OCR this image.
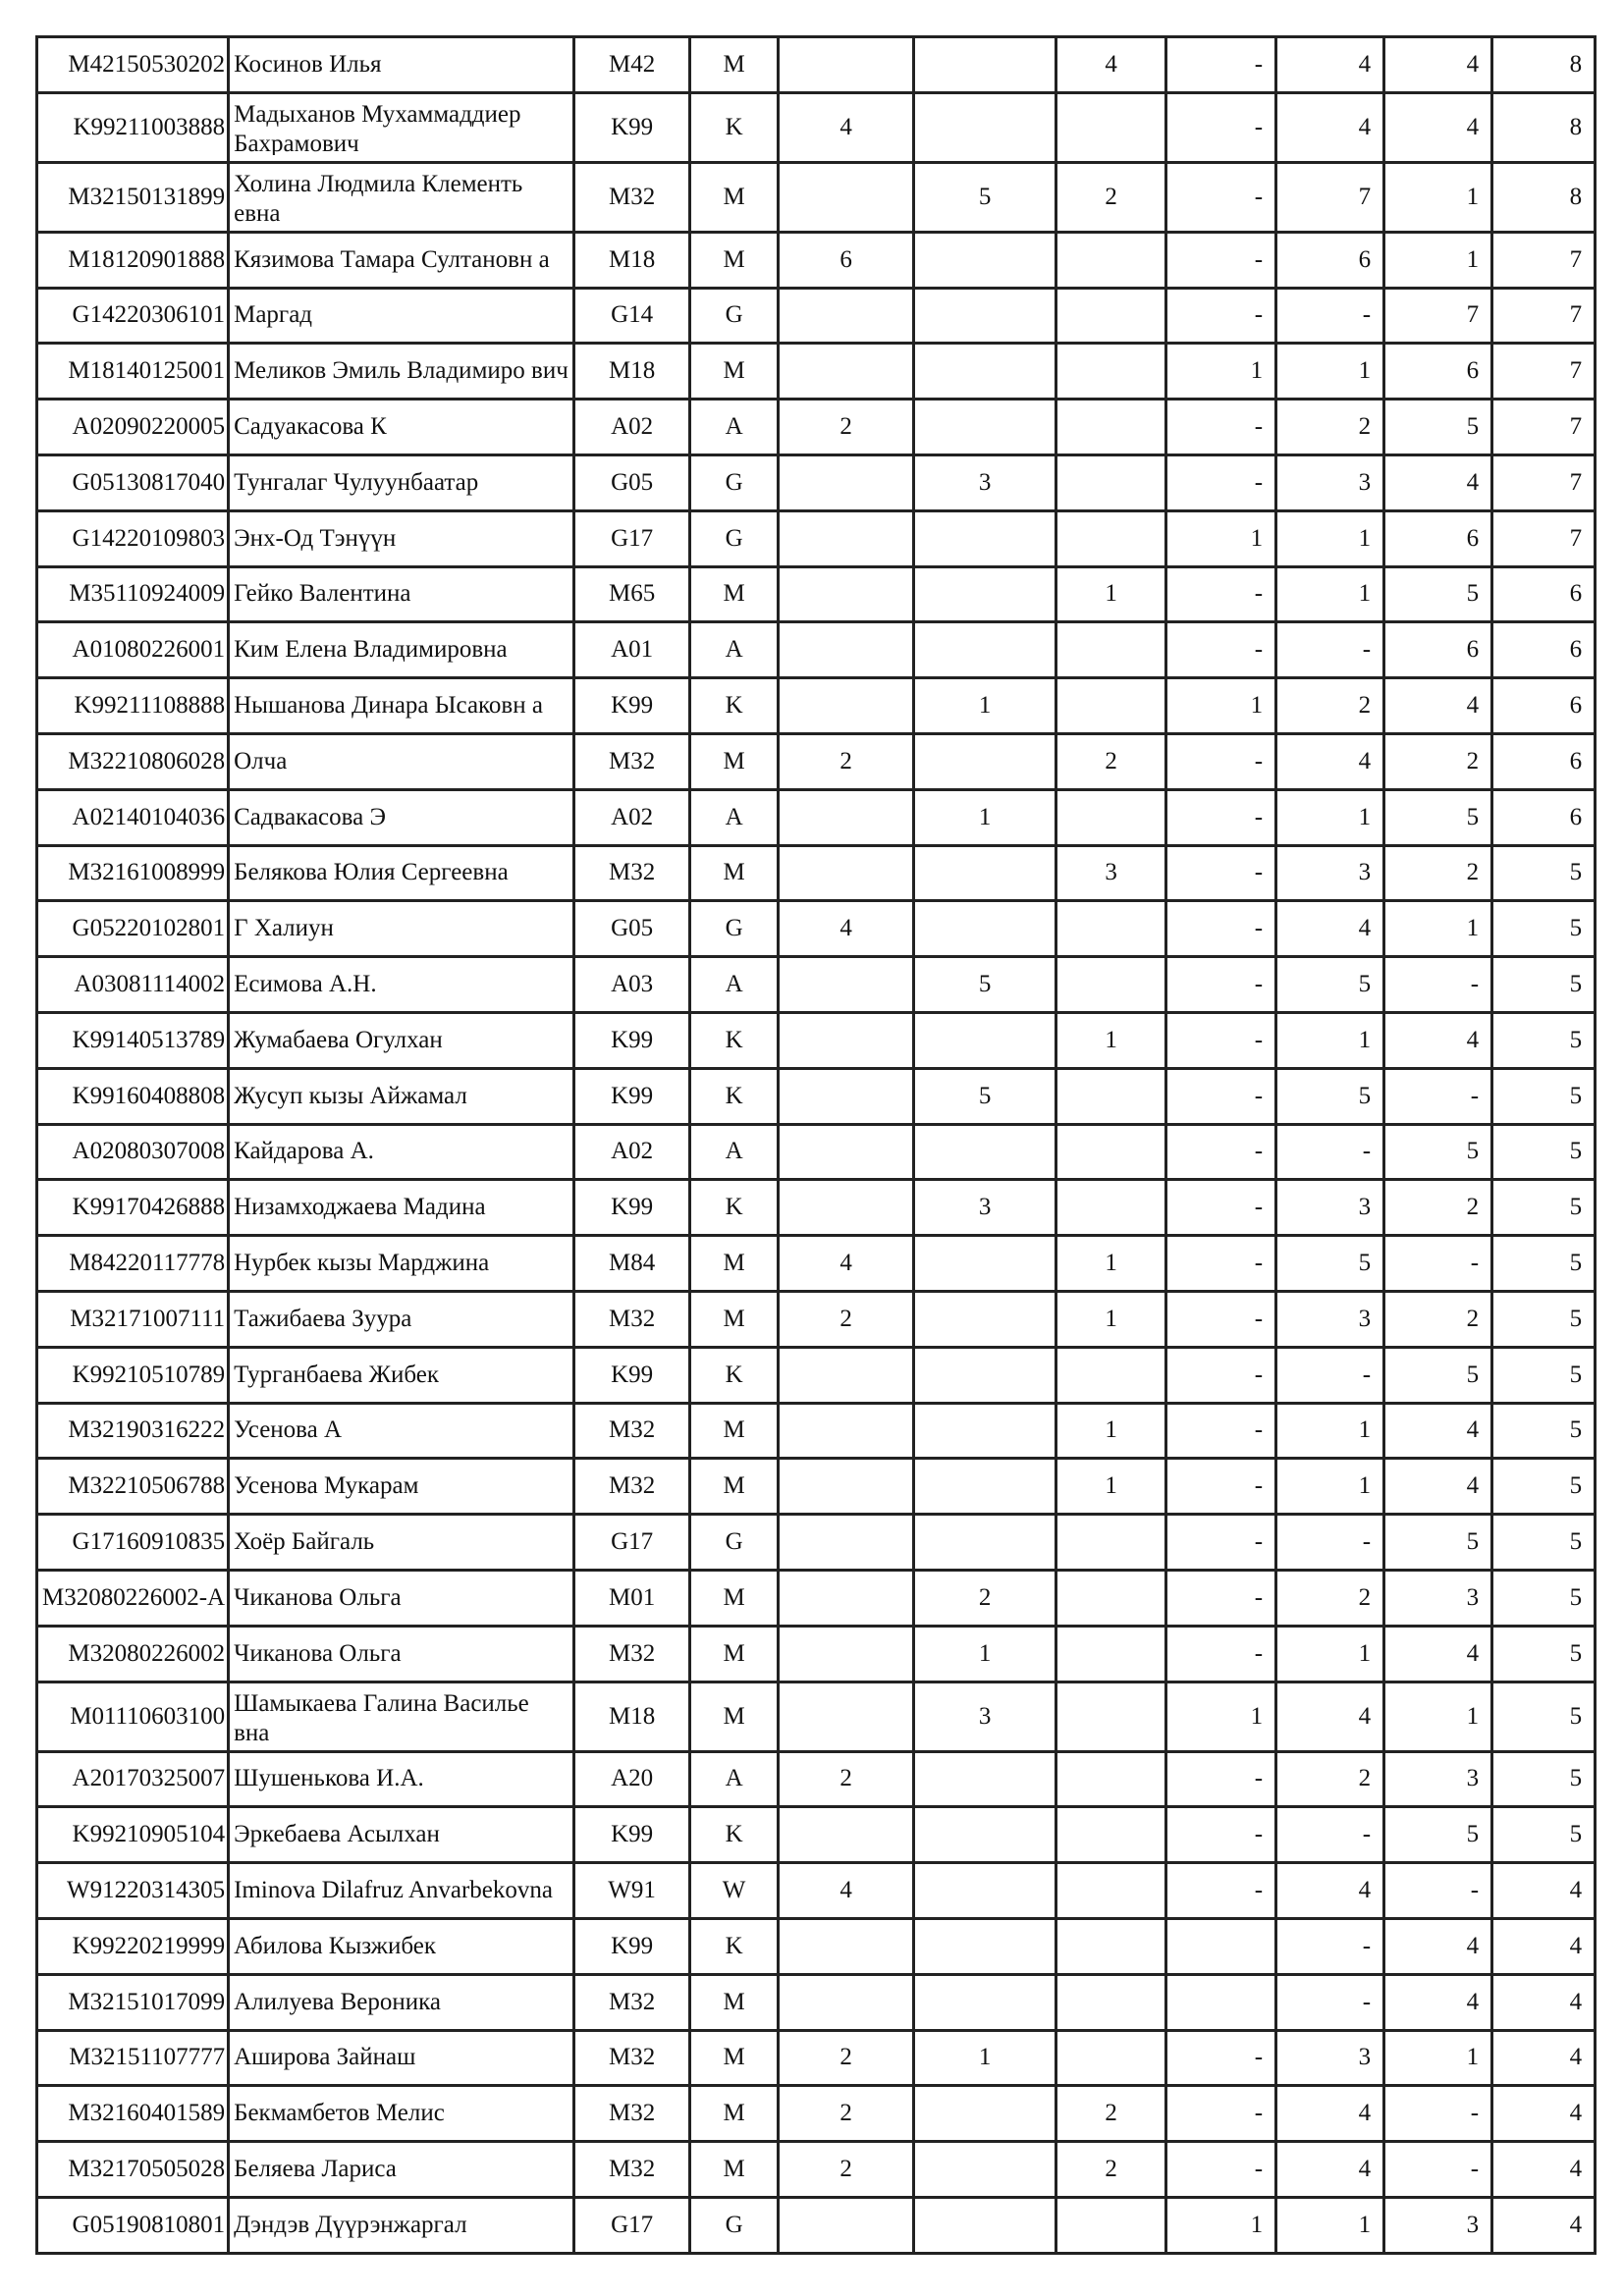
M42150530202	Косинов Илья	M42	M			4	-	4	4	8
K99211003888	Мадыханов Мухаммаддиер Бахрамович	K99	K	4			-	4	4	8
M32150131899	Холина Людмила Клементь евна	M32	M		5	2	-	7	1	8
M18120901888	Кязимова Тамара Султановн а	M18	M	6			-	6	1	7
G14220306101	Маргад	G14	G				-	-	7	7
M18140125001	Меликов Эмиль Владимиро вич	M18	M				1	1	6	7
A02090220005	Садуакасова К	A02	A	2			-	2	5	7
G05130817040	Тунгалаг Чулуунбаатар	G05	G		3		-	3	4	7
G14220109803	Энх-Од Тэнүүн	G17	G				1	1	6	7
M35110924009	Гейко Валентина	M65	M			1	-	1	5	6
A01080226001	Ким Елена Владимировна	A01	A				-	-	6	6
K99211108888	Нышанова Динара Ысаковн а	K99	K		1		1	2	4	6
M32210806028	Олча	M32	M	2		2	-	4	2	6
A02140104036	Садвакасова Э	A02	A		1		-	1	5	6
M32161008999	Белякова Юлия Сергеевна	M32	M			3	-	3	2	5
G05220102801	Г Халиун	G05	G	4			-	4	1	5
A03081114002	Есимова А.Н.	A03	A		5		-	5	-	5
K99140513789	Жумабаева Огулхан	K99	K			1	-	1	4	5
K99160408808	Жусуп кызы Айжамал	K99	K		5		-	5	-	5
A02080307008	Кайдарова А.	A02	A				-	-	5	5
K99170426888	Низамходжаева Мадина	K99	K		3		-	3	2	5
M84220117778	Нурбек кызы Марджина	M84	M	4		1	-	5	-	5
M32171007111	Тажибаева Зуура	M32	M	2		1	-	3	2	5
K99210510789	Турганбаева Жибек	K99	K				-	-	5	5
M32190316222	Усенова А	M32	M			1	-	1	4	5
M32210506788	Усенова Мукарам	M32	M			1	-	1	4	5
G17160910835	Хоёр Байгаль	G17	G				-	-	5	5
M32080226002-A	Чиканова Ольга	M01	M		2		-	2	3	5
M32080226002	Чиканова Ольга	M32	M		1		-	1	4	5
M01110603100	Шамыкаева Галина Василье вна	M18	M		3		1	4	1	5
A20170325007	Шушенькова И.А.	A20	A	2			-	2	3	5
K99210905104	Эркебаева Асылхан	K99	K				-	-	5	5
W91220314305	Iminova Dilafruz Anvarbekovna	W91	W	4			-	4	-	4
K99220219999	Абилова Кызжибек	K99	K					-	4	4
M32151017099	Алилуева Вероника	M32	M					-	4	4
M32151107777	Аширова Зайнаш	M32	M	2	1		-	3	1	4
M32160401589	Бекмамбетов Мелис	M32	M	2		2	-	4	-	4
M32170505028	Беляева Лариса	M32	M	2		2	-	4	-	4
G05190810801	Дэндэв Дүүрэнжаргал	G17	G				1	1	3	4
